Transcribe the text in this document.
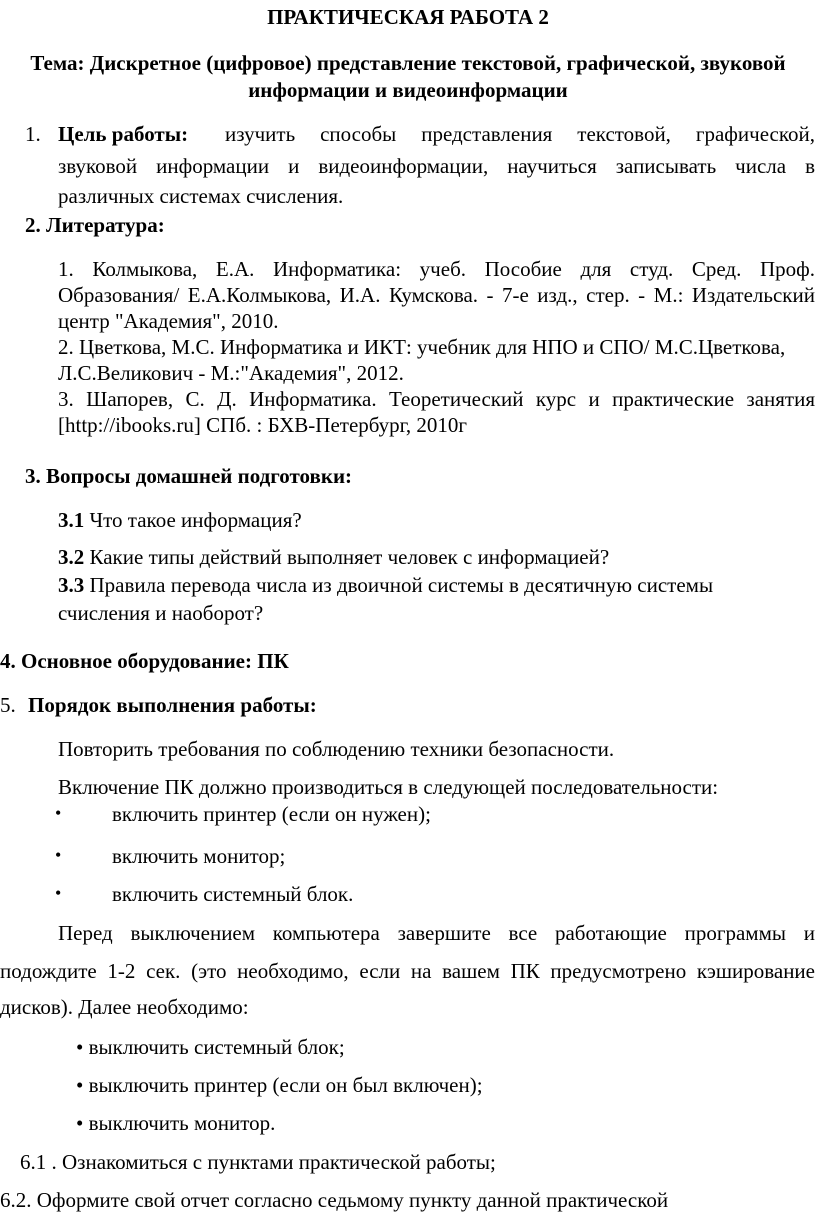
ПРАКТИЧЕСКАЯ РАБОТА 2
Тема: Дискретное (цифровое) представление текстовой, графической, звуковой
информации и видеоинформации
1. Цель работы: изучить способы представления текстовой, графической,
звуковой информации и видеоинформации, научиться записывать числа в
различных системах счисления.
2. Литература:
1. Колмыкова, Е.А. Информатика: учеб. Пособие для студ. Сред. Проф.
Образования/ Е.А.Колмыкова, И.А. Кумскова. - 7-е изд., стер. - М.: Издательский
центр "Академия", 2010.
2. Цветкова, М.С. Информатика и ИКТ: учебник для НПО и СПО/ М.С.Цветкова,
Л.С.Великович - М.:"Академия", 2012.
3. Шапорев, С. Д. Информатика. Теоретический курс и практические занятия
[http://ibooks.ru] СПб. : БХВ-Петербург, 2010г
3. Вопросы домашней подготовки:
3.1 Что такое информация?
3.2 Какие типы действий выполняет человек с информацией?
3.3 Правила перевода числа из двоичной системы в десятичную системы
счисления и наоборот?
4. Основное оборудование: ПК
5. Порядок выполнения работы:
Повторить требования по соблюдению техники безопасности.
Включение ПК должно производиться в следующей последовательности:
• включить принтер (если он нужен);
• включить монитор;
• включить системный блок.
Перед выключением компьютера завершите все работающие программы и
подождите 1-2 сек. (это необходимо, если на вашем ПК предусмотрено кэширование
дисков). Далее необходимо:
• выключить системный блок;
• выключить принтер (если он был включен);
• выключить монитор.
6.1 . Ознакомиться с пунктами практической работы;
6.2. Оформите свой отчет согласно седьмому пункту данной практической
